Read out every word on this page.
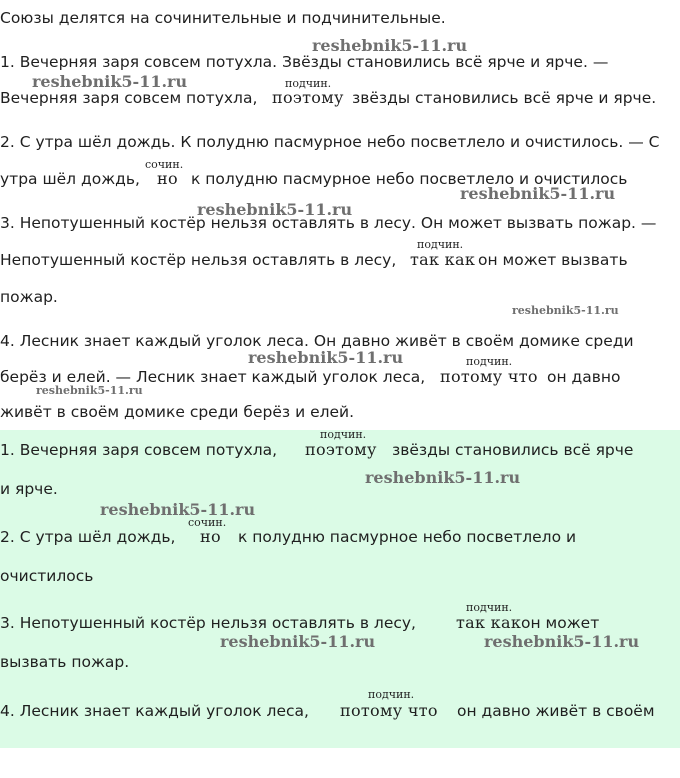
Союзы делятся на сочинительные и подчинительные.
reshebnik5-11.ru
1. Вечерняя заря совсем потухла. Звёзды становились всё ярче и ярче. —
reshebnik5-11.ru	подчин.
Вечерняя заря совсем потухла, поэтому звёзды становились всё ярче и ярче.
2. С утра шёл дождь. К полудню пасмурное небо посветлело и очистилось. — С
сочин.
утра шёл дождь, но к полудню пасмурное небо посветлело и очистилось
reshebnik5-11.ru
reshebnik5-11.ru
3. Непотушенный костёр нельзя оставлять в лесу. Он может вызвать пожар. —
подчин.
Непотушенный костёр нельзя оставлять в лесу, так как он может вызвать
пожар.
reshebnik5-11.ru
4. Лесник знает каждый уголок леса. Он давно живёт в своём домике среди
reshebnik5-11.ru	подчин.
берёз и елей. — Лесник знает каждый уголок леса, потому что он давно
reshebnik5-11.ru
живёт в своём домике среди берёз и елей.
подчин.
1. Вечерняя заря совсем потухла, поэтому звёзды становились всё ярче
reshebnik5-11.ru
и ярче.
reshebnik5-11.ru
сочин.
2. С утра шёл дождь, но к полудню пасмурное небо посветлело и
очистилось
подчин.
3. Непотушенный костёр нельзя оставлять в лесу,	так как он может
reshebnik5-11.ru	reshebnik5-11.ru
вызвать пожар.
подчин.
4. Лесник знает каждый уголок леса, потому что он давно живёт в своём
